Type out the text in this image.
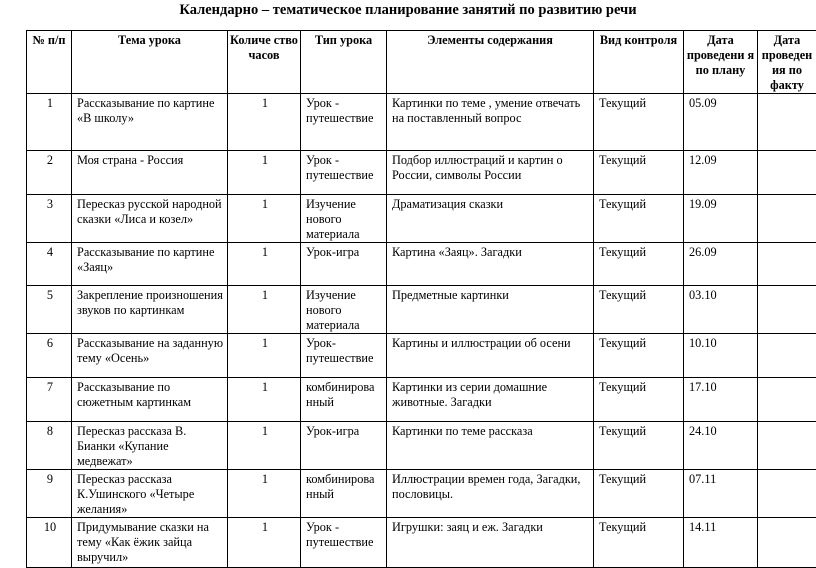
Календарно – тематическое планирование занятий по развитию речи
№ п/п	Тема урока	Количе ство часов	Тип урока	Элементы содержания	Вид контроля	Дата проведени я по плану	Дата проведен ия по факту
1	Рассказывание по картине «В школу»	1	Урок - путешествие	Картинки по теме , умение отвечать на поставленный вопрос	Текущий	05.09	
2	Моя страна - Россия	1	Урок - путешествие	Подбор иллюстраций и картин о России, символы России	Текущий	12.09	
3	Пересказ русской народной сказки «Лиса и козел»	1	Изучение нового материала	Драматизация сказки	Текущий	19.09	
4	Рассказывание по картине «Заяц»	1	Урок-игра	Картина «Заяц». Загадки	Текущий	26.09	
5	Закрепление произношения звуков по картинкам	1	Изучение нового материала	Предметные картинки	Текущий	03.10	
6	Рассказывание на заданную тему «Осень»	1	Урок-путешествие	Картины и иллюстрации об осени	Текущий	10.10	
7	Рассказывание по сюжетным картинкам	1	комбинирова нный	Картинки из серии домашние животные. Загадки	Текущий	17.10	
8	Пересказ рассказа В. Бианки «Купание медвежат»	1	Урок-игра	Картинки по теме рассказа	Текущий	24.10	
9	Пересказ рассказа К.Ушинского «Четыре желания»	1	комбинирова нный	Иллюстрации времен года, Загадки, пословицы.	Текущий	07.11	
10	Придумывание сказки на тему «Как ёжик зайца выручил»	1	Урок - путешествие	Игрушки: заяц и еж. Загадки	Текущий	14.11	
